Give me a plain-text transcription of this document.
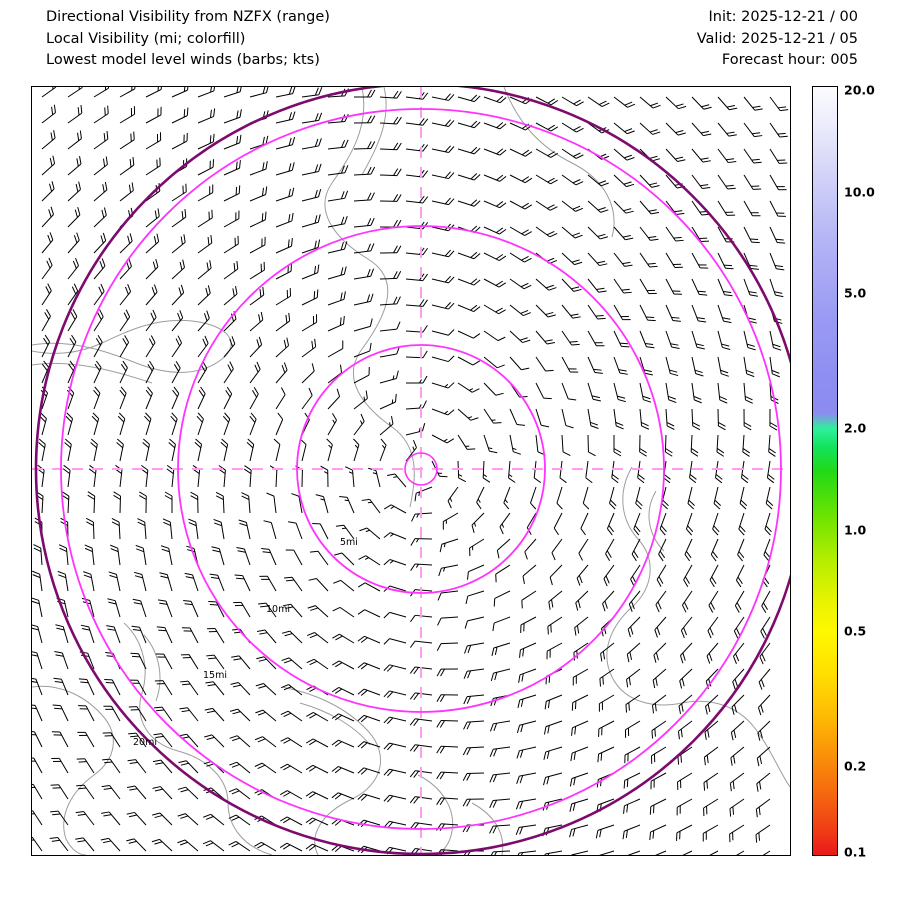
Directional Visibility from NZFX (range)
Local Visibility (mi; colorfill)
Lowest model level winds (barbs; kts)
Init: 2025-12-21 / 00
Valid: 2025-12-21 / 05
Forecast hour: 005
5mi
10mi
15mi
20mi
20.0
10.0
5.0
2.0
1.0
0.5
0.2
0.1
